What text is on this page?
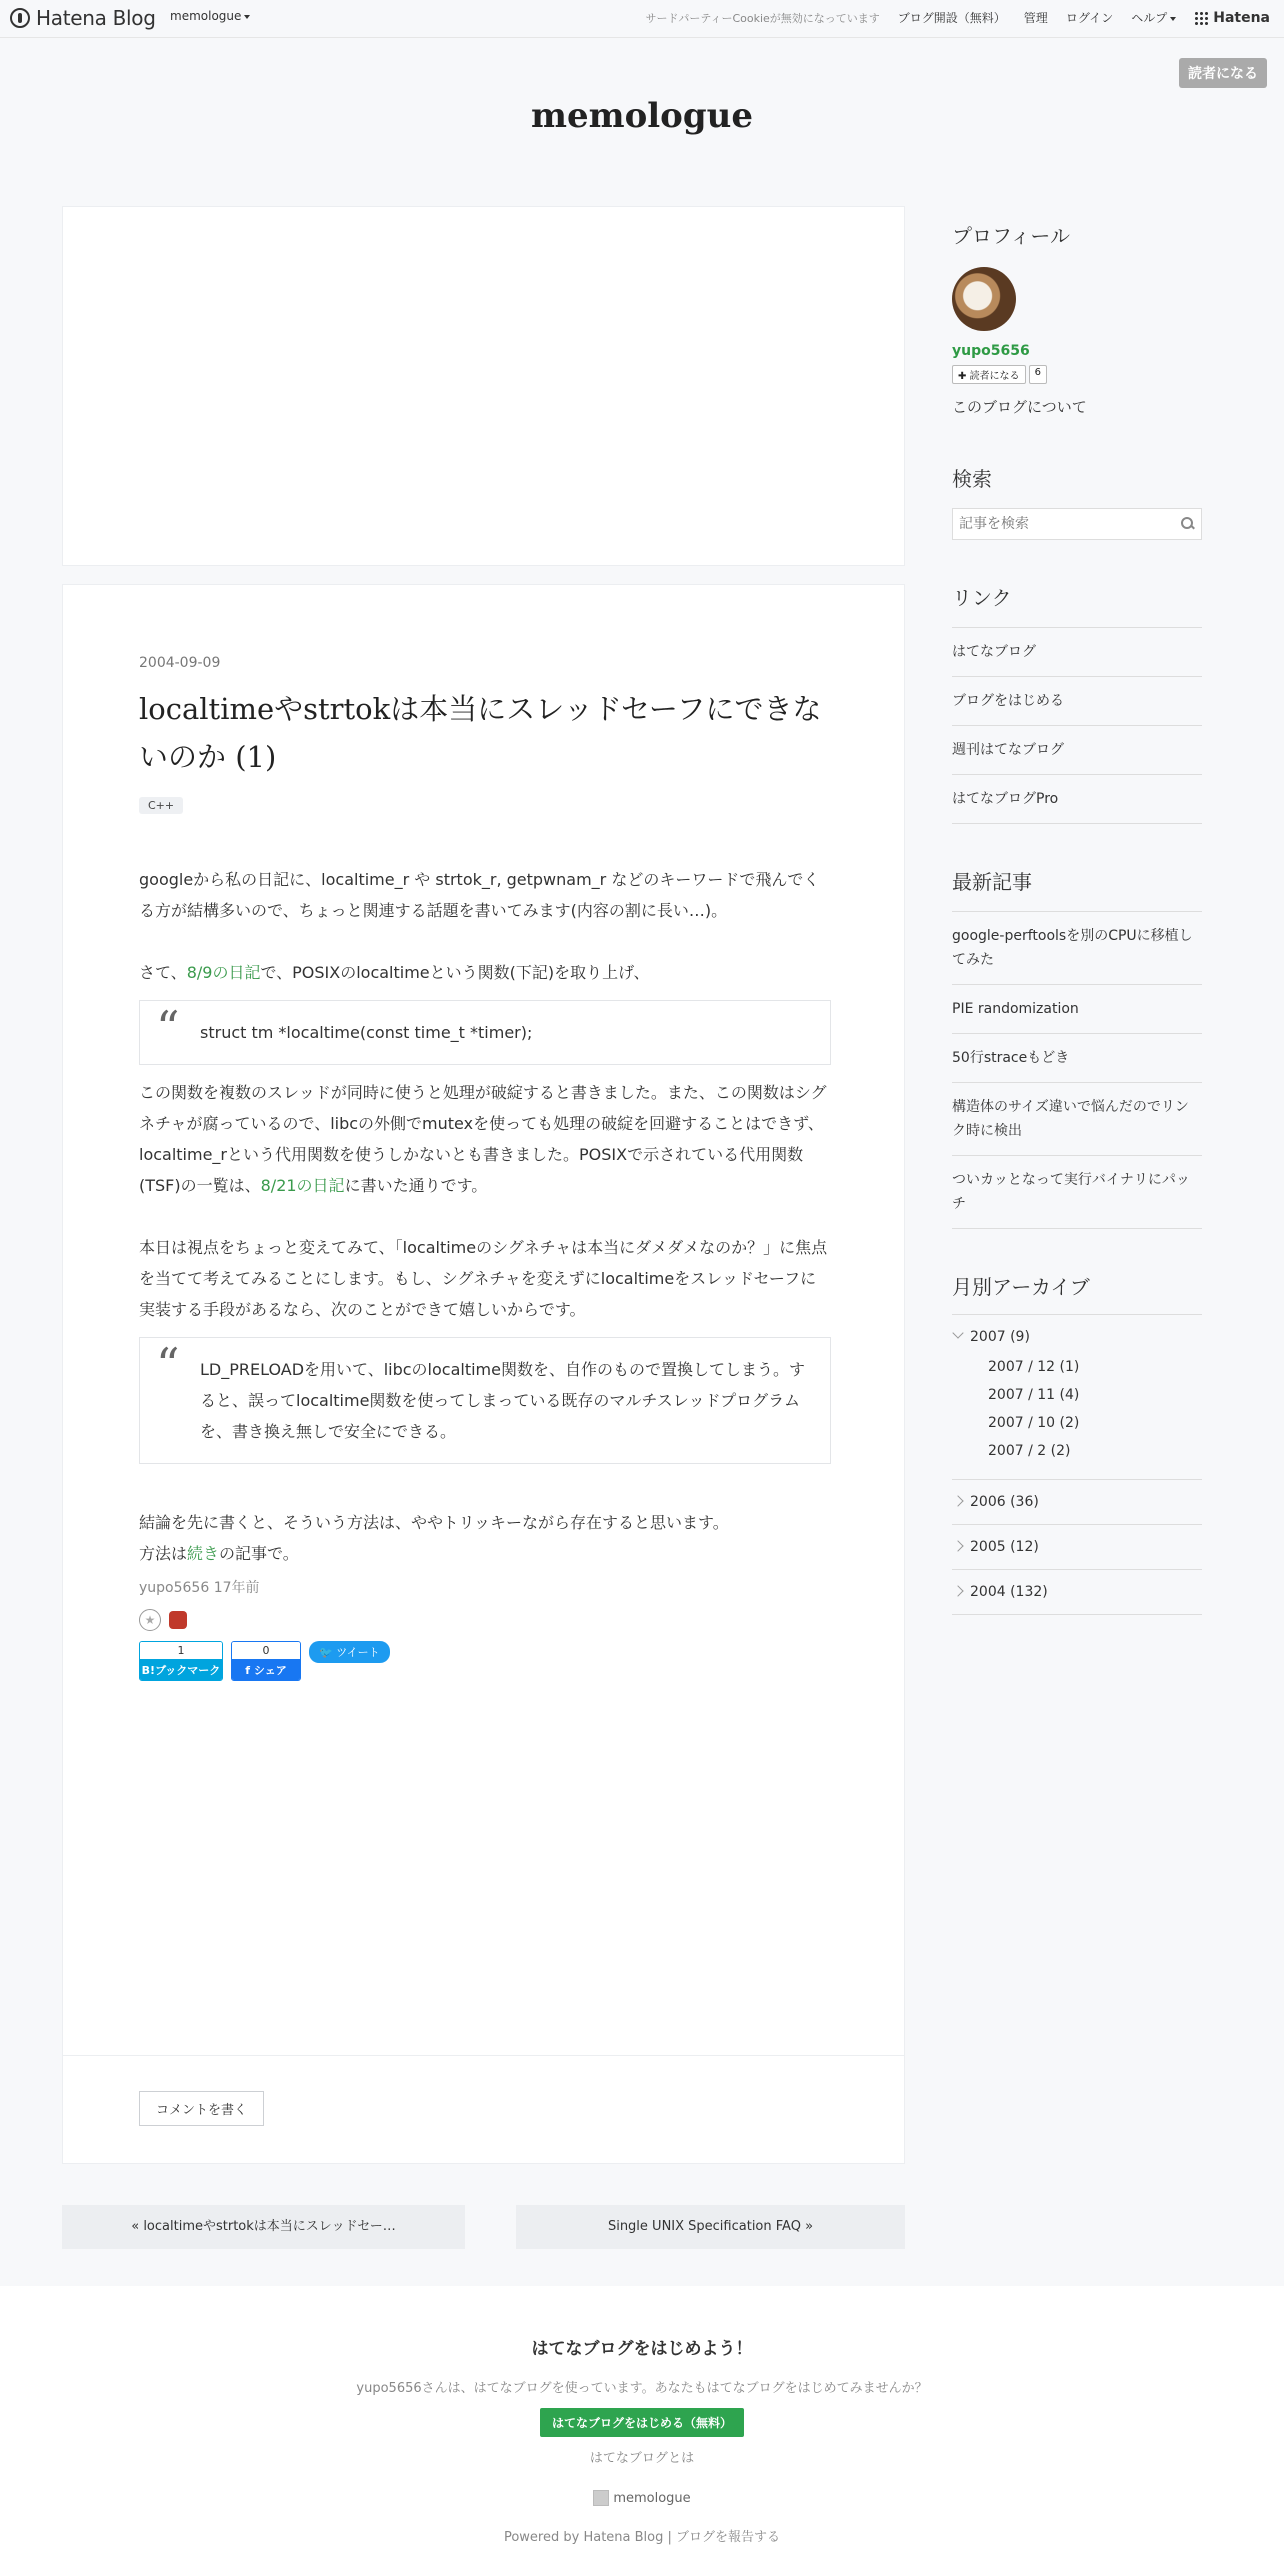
Hatena Blog memologue	サードパーティーCookieが無効になっています ブログ開設（無料） 管理 ログイン ヘルプ	Hatena
読者になる
memologue
2004-09-09
localtimeやstrtokは本当にスレッドセーフにできないのか (1)
C++

googleから私の日記に、localtime_r や strtok_r, getpwnam_r などのキーワードで飛んでくる方が結構多いので、ちょっと関連する話題を書いてみます(内容の割に長い…)。

さて、8/9の日記で、POSIXのlocaltimeという関数(下記)を取り上げ、

“ struct tm *localtime(const time_t *timer);

この関数を複数のスレッドが同時に使うと処理が破綻すると書きました。また、この関数はシグネチャが腐っているので、libcの外側でmutexを使っても処理の破綻を回避することはできず、localtime_rという代用関数を使うしかないとも書きました。POSIXで示されている代用関数(TSF)の一覧は、8/21の日記に書いた通りです。

本日は視点をちょっと変えてみて、「localtimeのシグネチャは本当にダメダメなのか？」に焦点を当てて考えてみることにします。もし、シグネチャを変えずにlocaltimeをスレッドセーフに実装する手段があるなら、次のことができて嬉しいからです。

“ LD_PRELOADを用いて、libcのlocaltime関数を、自作のもので置換してしまう。すると、誤ってlocaltime関数を使ってしまっている既存のマルチスレッドプログラムを、書き換え無しで安全にできる。

結論を先に書くと、そういう方法は、ややトリッキーながら存在すると思います。

方法は続きの記事で。

yupo5656 17年前
★
1
B!ブックマーク
0
f シェア
🐦 ツイート
コメントを書く
« localtimeやstrtokは本当にスレッドセー…	Single UNIX Specification FAQ »
プロフィール
yupo5656
✚ 読者になる	6
このブログについて
検索
記事を検索
リンク
はてなブログ
ブログをはじめる
週刊はてなブログ
はてなブログPro
最新記事
google-perftoolsを別のCPUに移植してみた
PIE randomization
50行straceもどき
構造体のサイズ違いで悩んだのでリンク時に検出
ついカッとなって実行バイナリにパッチ
月別アーカイブ
2007 (9)
2007 / 12 (1)
2007 / 11 (4)
2007 / 10 (2)
2007 / 2 (2)
2006 (36)
2005 (12)
2004 (132)
はてなブログをはじめよう！
yupo5656さんは、はてなブログを使っています。あなたもはてなブログをはじめてみませんか？
はてなブログをはじめる（無料）
はてなブログとは
memologue
Powered by Hatena Blog | ブログを報告する
